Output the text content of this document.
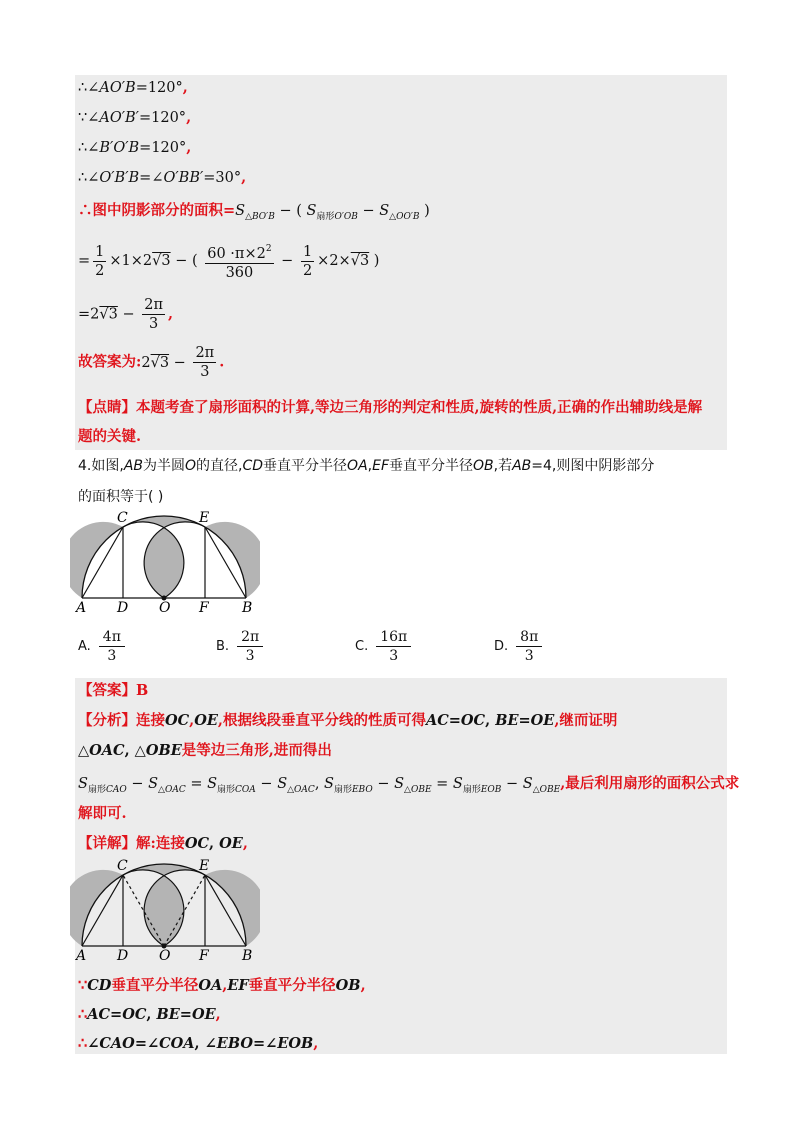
∴∠AO′B=120°,
∵∠AO′B′=120°,
∴∠B′O′B=120°,
∴∠O′B′B=∠O′BB′=30°,
∴图中阴影部分的面积$=S_{\triangle BO'B}$ − ( $S_{扇形O'OB} - S_{\triangle OO'B}$ )
= $\frac{1}{2} \times 1\times 2√3$ − ( $\frac{60 \cdot\pi\times 2^2}{360} - \frac{1}{2} \times 2\times√3$ )
$=2√3 - \frac{2\pi}{3}$ ,
故答案为:2√3 − $\frac{2\pi}{3}$ .
【点睛】本题考查了扇形面积的计算,等边三角形的判定和性质,旋转的性质,正确的作出辅助线是解
题的关键.
4.如图,AB为半圆O的直径,CD垂直平分半径OA,EF垂直平分半径OB,若AB=4,则图中阴影部分
的面积等于( )
C	E
A D O F B
A. $\frac{4\pi}{3}$	B. $\frac{2\pi}{3}$	C. $\frac{16\pi}{3}$	D. $\frac{8\pi}{3}$
【答案】B
【分析】连接OC,OE,根据线段垂直平分线的性质可得AC=OC, BE=OE,继而证明
△OAC, △OBE是等边三角形,进而得出
$S_{扇形CAO} - S_{\triangle OAC} = S_{扇形COA} - S_{\triangle OAC}$, $S_{扇形EBO} - S_{\triangle OBE} = S_{扇形EOB} - S_{\triangle OBE}$,最后利用扇形的面积公式求
解即可.
【详解】解:连接OC, OE,
C	E
A D O F B
∵CD垂直平分半径OA,EF垂直平分半径OB,
∴AC=OC, BE=OE,
∴∠CAO=∠COA, ∠EBO=∠EOB,
